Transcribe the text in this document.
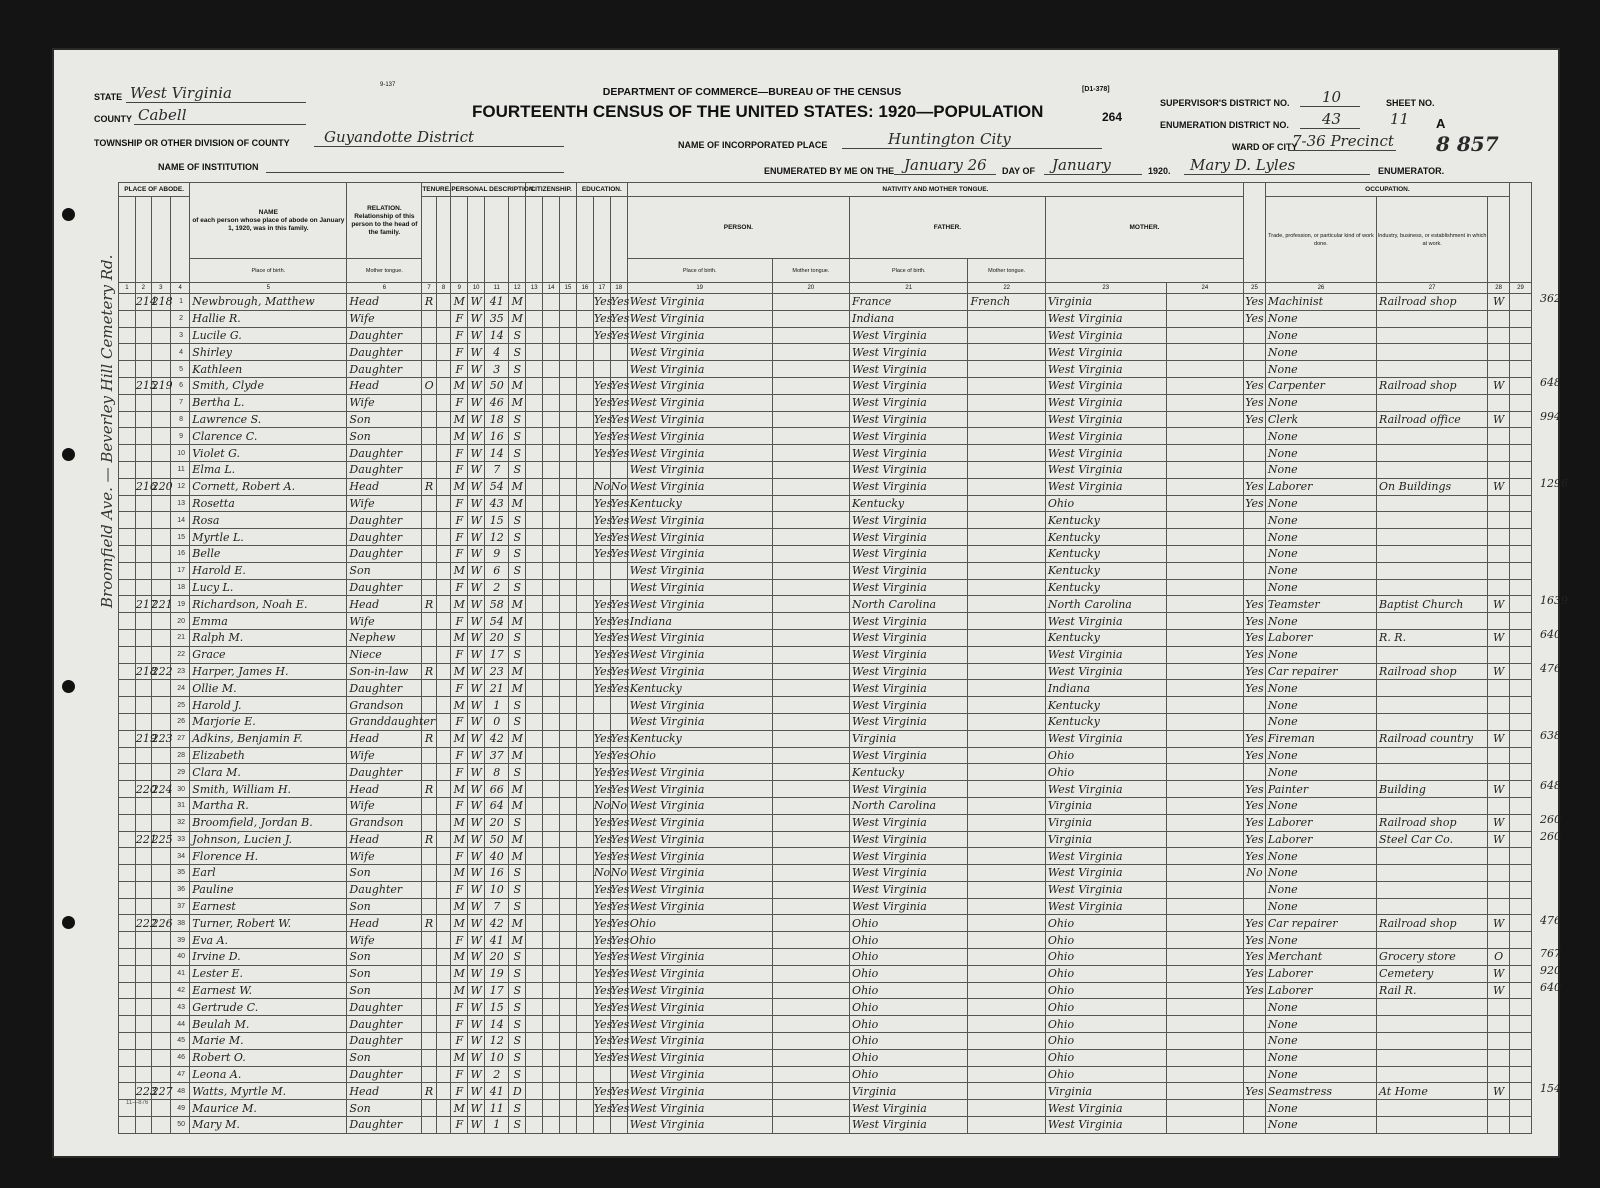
STATE West Virginia
COUNTY Cabell
TOWNSHIP OR OTHER DIVISION OF COUNTY Guyandotte District
NAME OF INSTITUTION
9-137
DEPARTMENT OF COMMERCE—BUREAU OF THE CENSUS
FOURTEENTH CENSUS OF THE UNITED STATES: 1920—POPULATION
[D1-378]
264
NAME OF INCORPORATED PLACE	Huntington City
ENUMERATED BY ME ON THE January 26 DAY OF January	1920. Mary D. Lyles	ENUMERATOR.
SUPERVISOR'S DISTRICT NO. 10
ENUMERATION DISTRICT NO. 43
WARD OF CITY
7-36 Precinct
SHEET NO.
11 A
8 857
Broomfield Ave. — Beverley Hill Cemetery Rd.
PLACE OF ABODE.				NAME

of each person whose place of abode on January 1, 1920, was in this family.	RELATION.

Relationship of this person to the head of the family.	TENURE.		PERSONAL DESCRIPTION.				CITIZENSHIP.			EDUCATION.			NATIVITY AND MOTHER TONGUE.							OCCUPATION.			
																		PERSON.		FATHER.		MOTHER.			Trade, profession, or particular kind of work done.	Industry, business, or establishment in which at work.		
				Place of birth.	Mother tongue.													Place of birth.	Mother tongue.	Place of birth.	Mother tongue.							
1	2	3	4	5	6	7	8	9	10	11	12	13	14	15	16	17	18	19	20	21	22	23	24	25	26	27	28	29
	214	218	1	Newbrough, Matthew	Head	R		M	W	41	M					Yes	Yes	West Virginia		France	French	Virginia		Yes	Machinist	Railroad shop	W	
			2	Hallie R.	Wife			F	W	35	M					Yes	Yes	West Virginia		Indiana		West Virginia		Yes	None			
			3	Lucile G.	Daughter			F	W	14	S					Yes	Yes	West Virginia		West Virginia		West Virginia			None			
			4	Shirley	Daughter			F	W	4	S							West Virginia		West Virginia		West Virginia			None			
			5	Kathleen	Daughter			F	W	3	S							West Virginia		West Virginia		West Virginia			None			
	215	219	6	Smith, Clyde	Head	O		M	W	50	M					Yes	Yes	West Virginia		West Virginia		West Virginia		Yes	Carpenter	Railroad shop	W	
			7	Bertha L.	Wife			F	W	46	M					Yes	Yes	West Virginia		West Virginia		West Virginia		Yes	None			
			8	Lawrence S.	Son			M	W	18	S					Yes	Yes	West Virginia		West Virginia		West Virginia		Yes	Clerk	Railroad office	W	
			9	Clarence C.	Son			M	W	16	S					Yes	Yes	West Virginia		West Virginia		West Virginia			None			
			10	Violet G.	Daughter			F	W	14	S					Yes	Yes	West Virginia		West Virginia		West Virginia			None			
			11	Elma L.	Daughter			F	W	7	S							West Virginia		West Virginia		West Virginia			None			
	216	220	12	Cornett, Robert A.	Head	R		M	W	54	M					No	No	West Virginia		West Virginia		West Virginia		Yes	Laborer	On Buildings	W	
			13	Rosetta	Wife			F	W	43	M					Yes	Yes	Kentucky		Kentucky		Ohio		Yes	None			
			14	Rosa	Daughter			F	W	15	S					Yes	Yes	West Virginia		West Virginia		Kentucky			None			
			15	Myrtle L.	Daughter			F	W	12	S					Yes	Yes	West Virginia		West Virginia		Kentucky			None			
			16	Belle	Daughter			F	W	9	S					Yes	Yes	West Virginia		West Virginia		Kentucky			None			
			17	Harold E.	Son			M	W	6	S							West Virginia		West Virginia		Kentucky			None			
			18	Lucy L.	Daughter			F	W	2	S							West Virginia		West Virginia		Kentucky			None			
	217	221	19	Richardson, Noah E.	Head	R		M	W	58	M					Yes	Yes	West Virginia		North Carolina		North Carolina		Yes	Teamster	Baptist Church	W	
			20	Emma	Wife			F	W	54	M					Yes	Yes	Indiana		West Virginia		West Virginia		Yes	None			
			21	Ralph M.	Nephew			M	W	20	S					Yes	Yes	West Virginia		West Virginia		Kentucky		Yes	Laborer	R. R.	W	
			22	Grace	Niece			F	W	17	S					Yes	Yes	West Virginia		West Virginia		West Virginia		Yes	None			
	218	222	23	Harper, James H.	Son-in-law	R		M	W	23	M					Yes	Yes	West Virginia		West Virginia		West Virginia		Yes	Car repairer	Railroad shop	W	
			24	Ollie M.	Daughter			F	W	21	M					Yes	Yes	Kentucky		West Virginia		Indiana		Yes	None			
			25	Harold J.	Grandson			M	W	1	S							West Virginia		West Virginia		Kentucky			None			
			26	Marjorie E.	Granddaughter			F	W	0	S							West Virginia		West Virginia		Kentucky			None			
	219	223	27	Adkins, Benjamin F.	Head	R		M	W	42	M					Yes	Yes	Kentucky		Virginia		West Virginia		Yes	Fireman	Railroad country	W	
			28	Elizabeth	Wife			F	W	37	M					Yes	Yes	Ohio		West Virginia		Ohio		Yes	None			
			29	Clara M.	Daughter			F	W	8	S					Yes	Yes	West Virginia		Kentucky		Ohio			None			
	220	224	30	Smith, William H.	Head	R		M	W	66	M					Yes	Yes	West Virginia		West Virginia		West Virginia		Yes	Painter	Building	W	
			31	Martha R.	Wife			F	W	64	M					No	No	West Virginia		North Carolina		Virginia		Yes	None			
			32	Broomfield, Jordan B.	Grandson			M	W	20	S					Yes	Yes	West Virginia		West Virginia		Virginia		Yes	Laborer	Railroad shop	W	
	221	225	33	Johnson, Lucien J.	Head	R		M	W	50	M					Yes	Yes	West Virginia		West Virginia		Virginia		Yes	Laborer	Steel Car Co.	W	
			34	Florence H.	Wife			F	W	40	M					Yes	Yes	West Virginia		West Virginia		West Virginia		Yes	None			
			35	Earl	Son			M	W	16	S					No	No	West Virginia		West Virginia		West Virginia		No	None			
			36	Pauline	Daughter			F	W	10	S					Yes	Yes	West Virginia		West Virginia		West Virginia			None			
			37	Earnest	Son			M	W	7	S					Yes	Yes	West Virginia		West Virginia		West Virginia			None			
	222	226	38	Turner, Robert W.	Head	R		M	W	42	M					Yes	Yes	Ohio		Ohio		Ohio		Yes	Car repairer	Railroad shop	W	
			39	Eva A.	Wife			F	W	41	M					Yes	Yes	Ohio		Ohio		Ohio		Yes	None			
			40	Irvine D.	Son			M	W	20	S					Yes	Yes	West Virginia		Ohio		Ohio		Yes	Merchant	Grocery store	O	
			41	Lester E.	Son			M	W	19	S					Yes	Yes	West Virginia		Ohio		Ohio		Yes	Laborer	Cemetery	W	
			42	Earnest W.	Son			M	W	17	S					Yes	Yes	West Virginia		Ohio		Ohio		Yes	Laborer	Rail R.	W	
			43	Gertrude C.	Daughter			F	W	15	S					Yes	Yes	West Virginia		Ohio		Ohio			None			
			44	Beulah M.	Daughter			F	W	14	S					Yes	Yes	West Virginia		Ohio		Ohio			None			
			45	Marie M.	Daughter			F	W	12	S					Yes	Yes	West Virginia		Ohio		Ohio			None			
			46	Robert O.	Son			M	W	10	S					Yes	Yes	West Virginia		Ohio		Ohio			None			
			47	Leona A.	Daughter			F	W	2	S							West Virginia		Ohio		Ohio			None			
	223	227	48	Watts, Myrtle M.	Head	R		F	W	41	D					Yes	Yes	West Virginia		Virginia		Virginia		Yes	Seamstress	At Home	W	
			49	Maurice M.	Son			M	W	11	S					Yes	Yes	West Virginia		West Virginia		West Virginia			None			
			50	Mary M.	Daughter			F	W	1	S							West Virginia		West Virginia		West Virginia			None			
362
648
994
1296
1639
640
476
638
648
260
260
476
767
920
640
154
11—876
